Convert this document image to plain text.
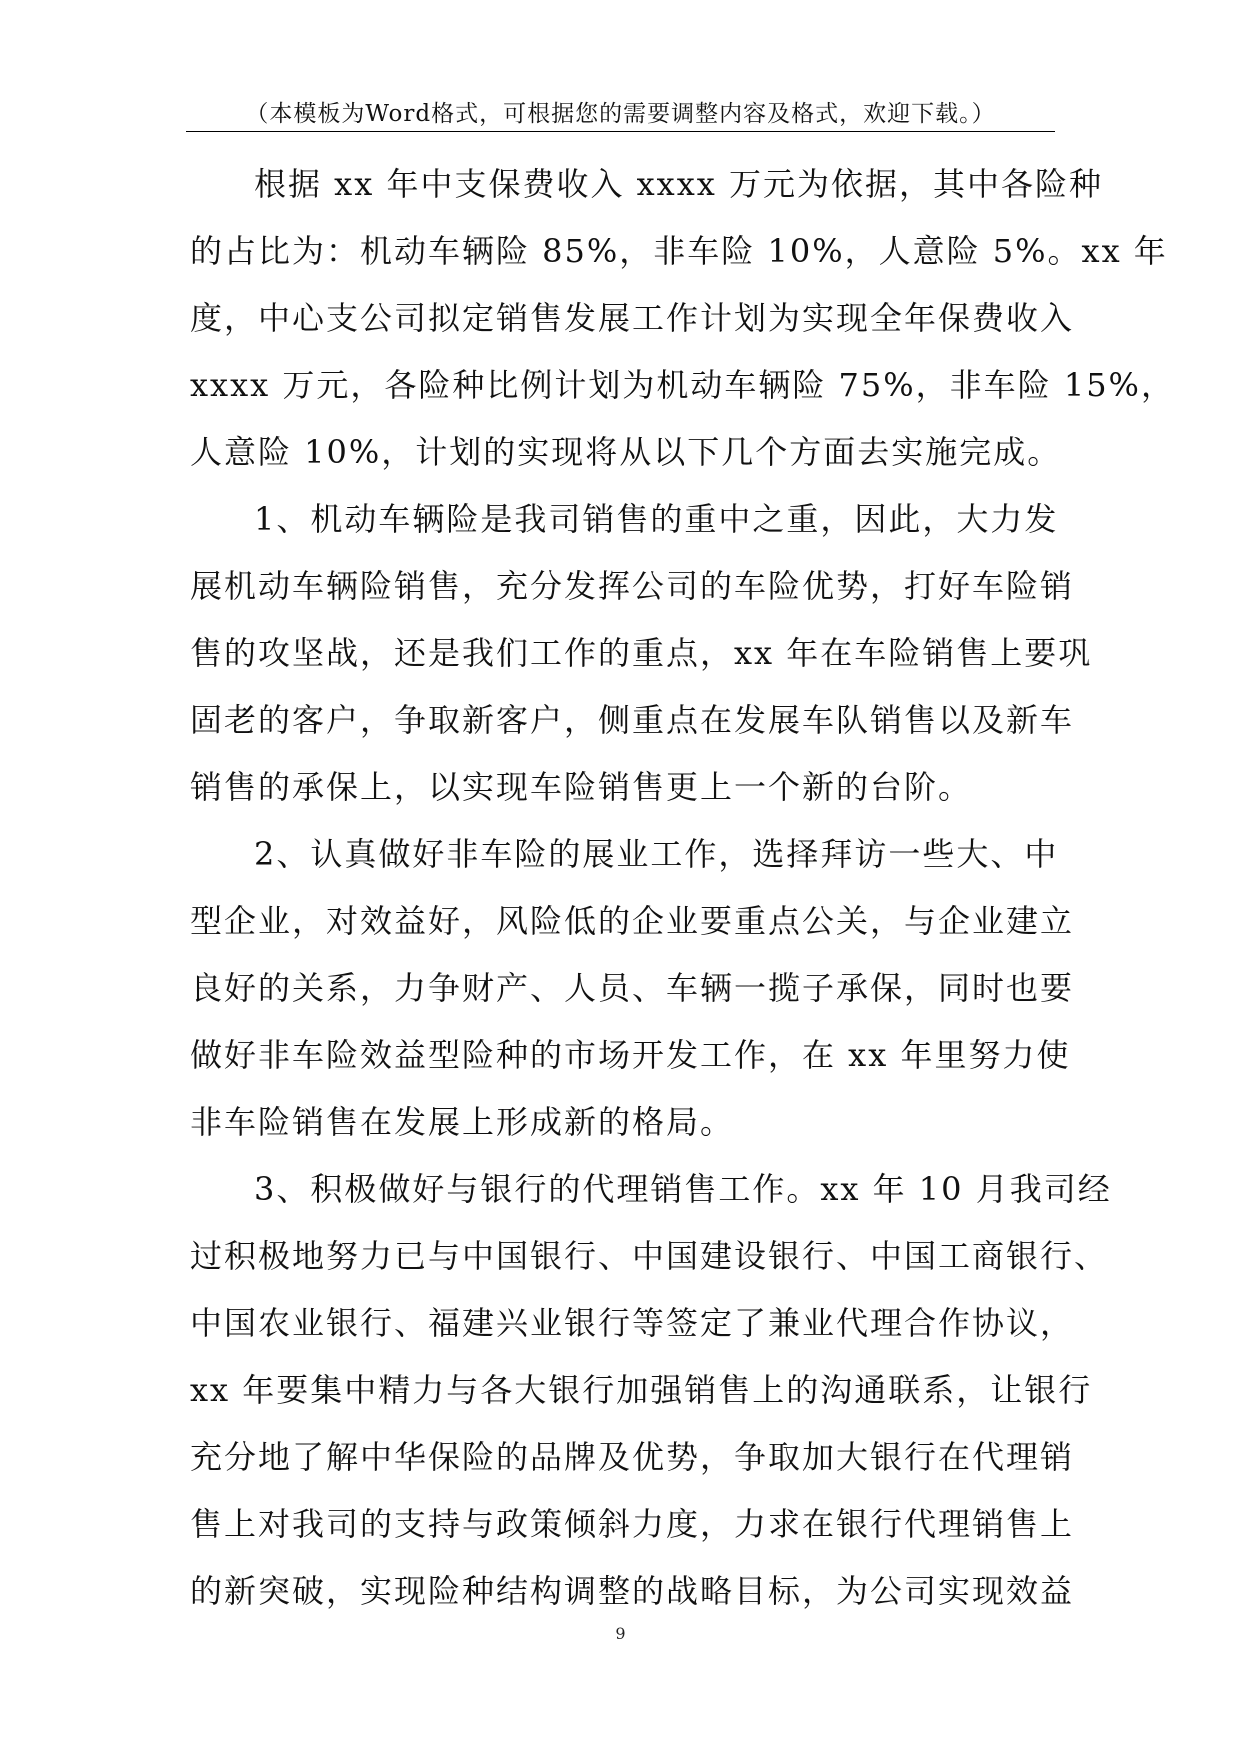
（本模板为Word格式，可根据您的需要调整内容及格式，欢迎下载。）
根据 xx 年中支保费收入 xxxx 万元为依据，其中各险种
的占比为：机动车辆险 85%，非车险 10%，人意险 5%。xx 年
度，中心支公司拟定销售发展工作计划为实现全年保费收入
xxxx 万元，各险种比例计划为机动车辆险 75%，非车险 15%，
人意险 10%，计划的实现将从以下几个方面去实施完成。
1、机动车辆险是我司销售的重中之重，因此，大力发
展机动车辆险销售，充分发挥公司的车险优势，打好车险销
售的攻坚战，还是我们工作的重点，xx 年在车险销售上要巩
固老的客户，争取新客户，侧重点在发展车队销售以及新车
销售的承保上，以实现车险销售更上一个新的台阶。
2、认真做好非车险的展业工作，选择拜访一些大、中
型企业，对效益好，风险低的企业要重点公关，与企业建立
良好的关系，力争财产、人员、车辆一揽子承保，同时也要
做好非车险效益型险种的市场开发工作，在 xx 年里努力使
非车险销售在发展上形成新的格局。
3、积极做好与银行的代理销售工作。xx 年 10 月我司经
过积极地努力已与中国银行、中国建设银行、中国工商银行、
中国农业银行、福建兴业银行等签定了兼业代理合作协议，
xx 年要集中精力与各大银行加强销售上的沟通联系，让银行
充分地了解中华保险的品牌及优势，争取加大银行在代理销
售上对我司的支持与政策倾斜力度，力求在银行代理销售上
的新突破，实现险种结构调整的战略目标，为公司实现效益
9
